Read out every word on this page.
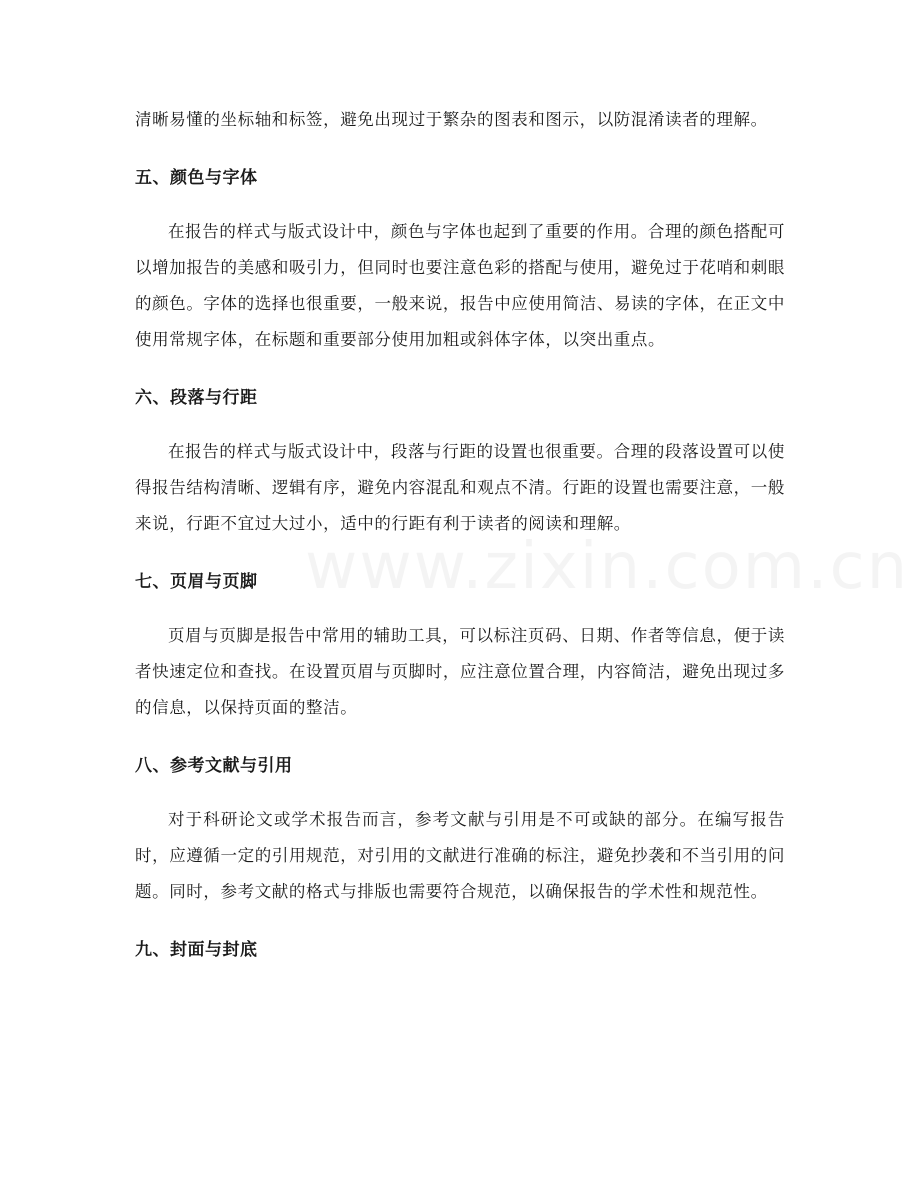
清晰易懂的坐标轴和标签，避免出现过于繁杂的图表和图示，以防混淆读者的理解。

五、颜色与字体

在报告的样式与版式设计中，颜色与字体也起到了重要的作用。合理的颜色搭配可以增加报告的美感和吸引力，但同时也要注意色彩的搭配与使用，避免过于花哨和刺眼的颜色。字体的选择也很重要，一般来说，报告中应使用简洁、易读的字体，在正文中使用常规字体，在标题和重要部分使用加粗或斜体字体，以突出重点。

六、段落与行距

在报告的样式与版式设计中，段落与行距的设置也很重要。合理的段落设置可以使得报告结构清晰、逻辑有序，避免内容混乱和观点不清。行距的设置也需要注意，一般来说，行距不宜过大过小，适中的行距有利于读者的阅读和理解。

七、页眉与页脚

页眉与页脚是报告中常用的辅助工具，可以标注页码、日期、作者等信息，便于读者快速定位和查找。在设置页眉与页脚时，应注意位置合理，内容简洁，避免出现过多的信息，以保持页面的整洁。

八、参考文献与引用

对于科研论文或学术报告而言，参考文献与引用是不可或缺的部分。在编写报告时，应遵循一定的引用规范，对引用的文献进行准确的标注，避免抄袭和不当引用的问题。同时，参考文献的格式与排版也需要符合规范，以确保报告的学术性和规范性。

九、封面与封底
